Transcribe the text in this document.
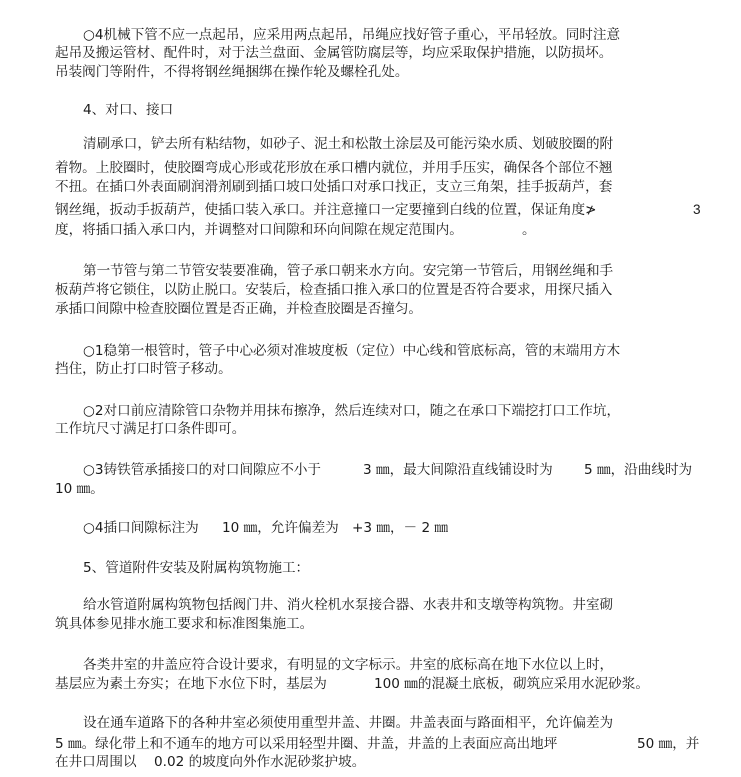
○4机械下管不应一点起吊，应采用两点起吊，吊绳应找好管子重心，平吊轻放。同时注意
起吊及搬运管材、配件时，对于法兰盘面、金属管防腐层等，均应采取保护措施，以防损坏。
吊装阀门等附件，不得将钢丝绳捆绑在操作轮及螺栓孔处。
4、对口、接口
清刷承口，铲去所有粘结物，如砂子、泥土和松散土涂层及可能污染水质、划破胶圈的附
着物。上胶圈时，使胶圈弯成心形或花形放在承口槽内就位，并用手压实，确保各个部位不翘
不扭。在插口外表面刷润滑剂刷到插口坡口处插口对承口找正，支立三角架，挂手扳葫芦，套
钢丝绳，扳动手扳葫芦，使插口装入承口。并注意撞口一定要撞到白线的位置，保证角度≯	3
度，将插口插入承口内，并调整对口间隙和环向间隙在规定范围内。	。
第一节管与第二节管安装要准确，管子承口朝来水方向。安完第一节管后，用钢丝绳和手
板葫芦将它锁住，以防止脱口。安装后，检查插口推入承口的位置是否符合要求，用探尺插入
承插口间隙中检查胶圈位置是否正确，并检查胶圈是否撞匀。
○1稳第一根管时，管子中心必须对准坡度板（定位）中心线和管底标高，管的末端用方木
挡住，防止打口时管子移动。
○2对口前应清除管口杂物并用抹布擦净，然后连续对口，随之在承口下端挖打口工作坑，
工作坑尺寸满足打口条件即可。
○3铸铁管承插接口的对口间隙应不小于	3 ㎜，最大间隙沿直线铺设时为 5 ㎜，沿曲线时为
10 ㎜。
○4插口间隙标注为 10 ㎜，允许偏差为 +3 ㎜，－ 2 ㎜
5、管道附件安装及附属构筑物施工：
给水管道附属构筑物包括阀门井、消火栓机水泵接合器、水表井和支墩等构筑物。井室砌
筑具体参见排水施工要求和标准图集施工。
各类井室的井盖应符合设计要求，有明显的文字标示。井室的底标高在地下水位以上时，
基层应为素土夯实；在地下水位下时，基层为	100 ㎜的混凝土底板，砌筑应采用水泥砂浆。
设在通车道路下的各种井室必须使用重型井盖、井圈。井盖表面与路面相平，允许偏差为
5 ㎜。绿化带上和不通车的地方可以采用轻型井圈、井盖，井盖的上表面应高出地坪	50 ㎜，并
在井口周围以 0.02 的坡度向外作水泥砂浆护坡。
